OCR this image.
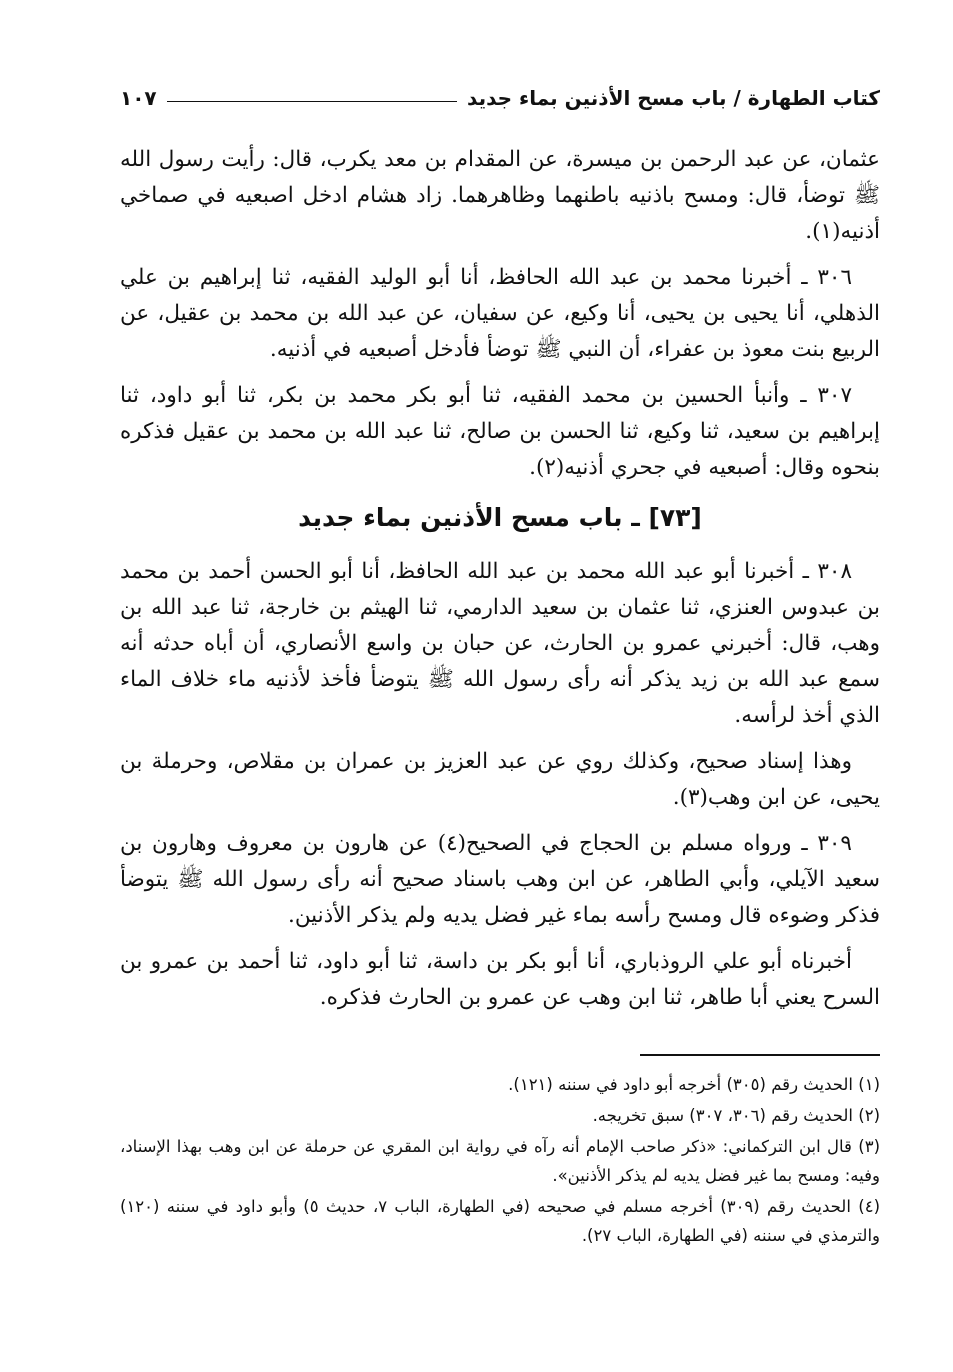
كتاب الطهارة / باب مسح الأذنين بماء جديد
١٠٧

عثمان، عن عبد الرحمن بن ميسرة، عن المقدام بن معد يكرب، قال: رأيت رسول الله ﷺ توضأ، قال: ومسح باذنيه باطنهما وظاهرهما. زاد هشام ادخل اصبعيه في صماخي أذنيه(١).

٣٠٦ ـ أخبرنا محمد بن عبد الله الحافظ، أنا أبو الوليد الفقيه، ثنا إبراهيم بن علي الذهلي، أنا يحيى بن يحيى، أنا وكيع، عن سفيان، عن عبد الله بن محمد بن عقيل، عن الربيع بنت معوذ بن عفراء، أن النبي ﷺ توضأ فأدخل أصبعيه في أذنيه.

٣٠٧ ـ وأنبأ الحسين بن محمد الفقيه، ثنا أبو بكر محمد بن بكر، ثنا أبو داود، ثنا إبراهيم بن سعيد، ثنا وكيع، ثنا الحسن بن صالح، ثنا عبد الله بن محمد بن عقيل فذكره بنحوه وقال: أصبعيه في جحري أذنيه(٢).

[٧٣] ـ باب مسح الأذنين بماء جديد

٣٠٨ ـ أخبرنا أبو عبد الله محمد بن عبد الله الحافظ، أنا أبو الحسن أحمد بن محمد بن عبدوس العنزي، ثنا عثمان بن سعيد الدارمي، ثنا الهيثم بن خارجة، ثنا عبد الله بن وهب، قال: أخبرني عمرو بن الحارث، عن حبان بن واسع الأنصاري، أن أباه حدثه أنه سمع عبد الله بن زيد يذكر أنه رأى رسول الله ﷺ يتوضأ فأخذ لأذنيه ماء خلاف الماء الذي أخذ لرأسه.

وهذا إسناد صحيح، وكذلك روي عن عبد العزيز بن عمران بن مقلاص، وحرملة بن يحيى، عن ابن وهب(٣).

٣٠٩ ـ ورواه مسلم بن الحجاج في الصحيح(٤) عن هارون بن معروف وهارون بن سعيد الآيلي، وأبي الطاهر، عن ابن وهب باسناد صحيح أنه رأى رسول الله ﷺ يتوضأ فذكر وضوءه قال ومسح رأسه بماء غير فضل يديه ولم يذكر الأذنين.

أخبرناه أبو علي الروذباري، أنا أبو بكر بن داسة، ثنا أبو داود، ثنا أحمد بن عمرو بن السرح يعني أبا طاهر، ثنا ابن وهب عن عمرو بن الحارث فذكره.

(١) الحديث رقم (٣٠٥) أخرجه أبو داود في سننه (١٢١).

(٢) الحديث رقم (٣٠٦، ٣٠٧) سبق تخريجه.

(٣) قال ابن التركماني: «ذكر صاحب الإمام أنه رآه في رواية ابن المقري عن حرملة عن ابن وهب بهذا الإسناد، وفيه: ومسح بما غير فضل يديه لم يذكر الأذنين».

(٤) الحديث رقم (٣٠٩) أخرجه مسلم في صحيحه (في الطهارة، الباب ٧، حديث ٥) وأبو داود في سننه (١٢٠) والترمذي في سننه (في الطهارة، الباب ٢٧).
